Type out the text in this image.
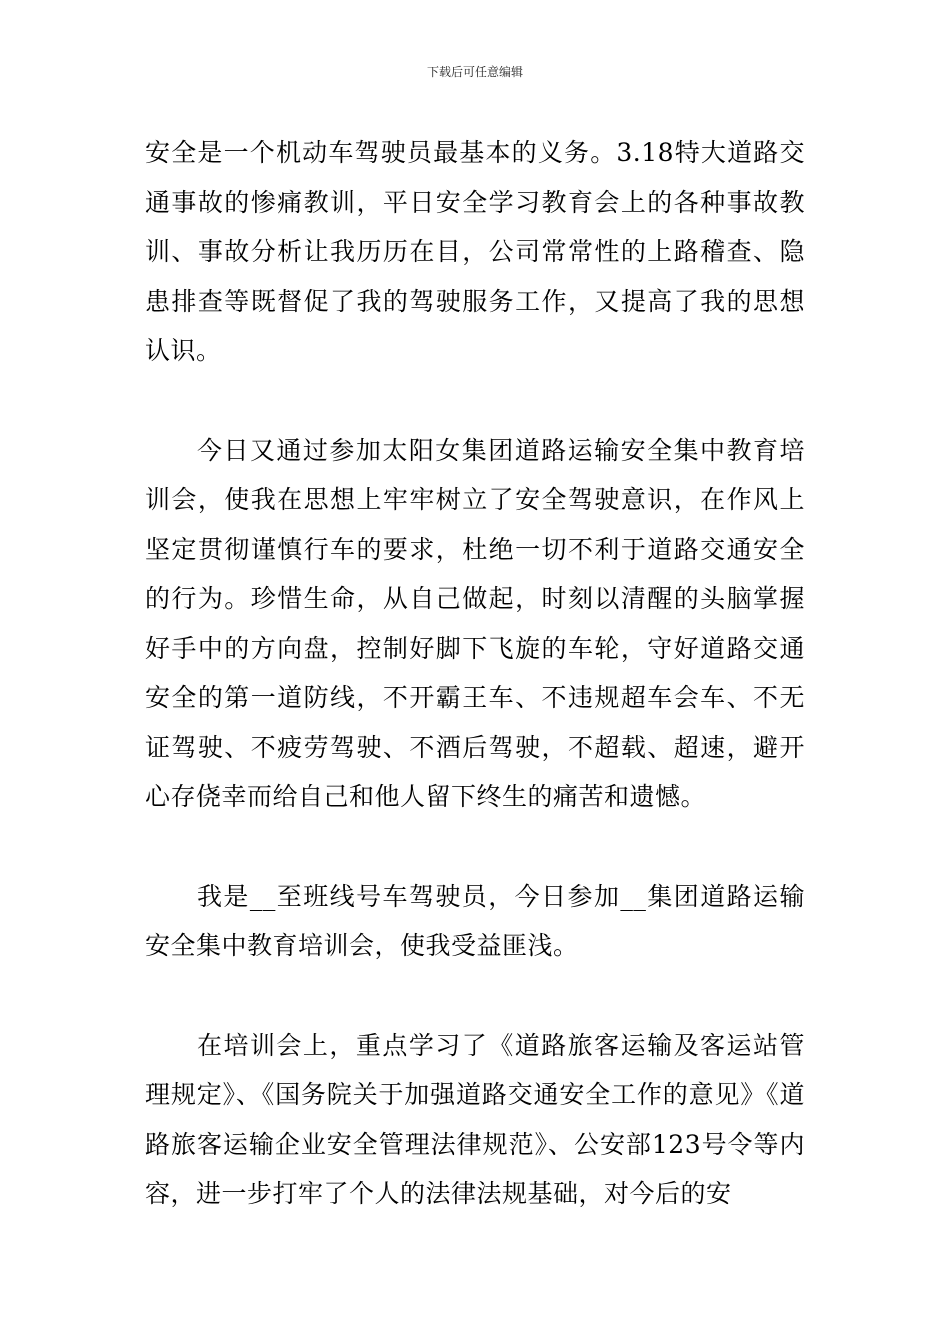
下载后可任意编辑

安全是一个机动车驾驶员最基本的义务。3.18特大道路交通事故的惨痛教训，平日安全学习教育会上的各种事故教训、事故分析让我历历在目，公司常常性的上路稽查、隐患排查等既督促了我的驾驶服务工作，又提高了我的思想认识。

今日又通过参加太阳女集团道路运输安全集中教育培训会，使我在思想上牢牢树立了安全驾驶意识，在作风上坚定贯彻谨慎行车的要求，杜绝一切不利于道路交通安全的行为。珍惜生命，从自己做起，时刻以清醒的头脑掌握好手中的方向盘，控制好脚下飞旋的车轮，守好道路交通安全的第一道防线，不开霸王车、不违规超车会车、不无证驾驶、不疲劳驾驶、不酒后驾驶，不超载、超速，避开心存侥幸而给自己和他人留下终生的痛苦和遗憾。

我是__至班线号车驾驶员，今日参加__集团道路运输安全集中教育培训会，使我受益匪浅。

在培训会上，重点学习了《道路旅客运输及客运站管理规定》、《国务院关于加强道路交通安全工作的意见》《道路旅客运输企业安全管理法律规范》、公安部123号令等内容，进一步打牢了个人的法律法规基础，对今后的安
